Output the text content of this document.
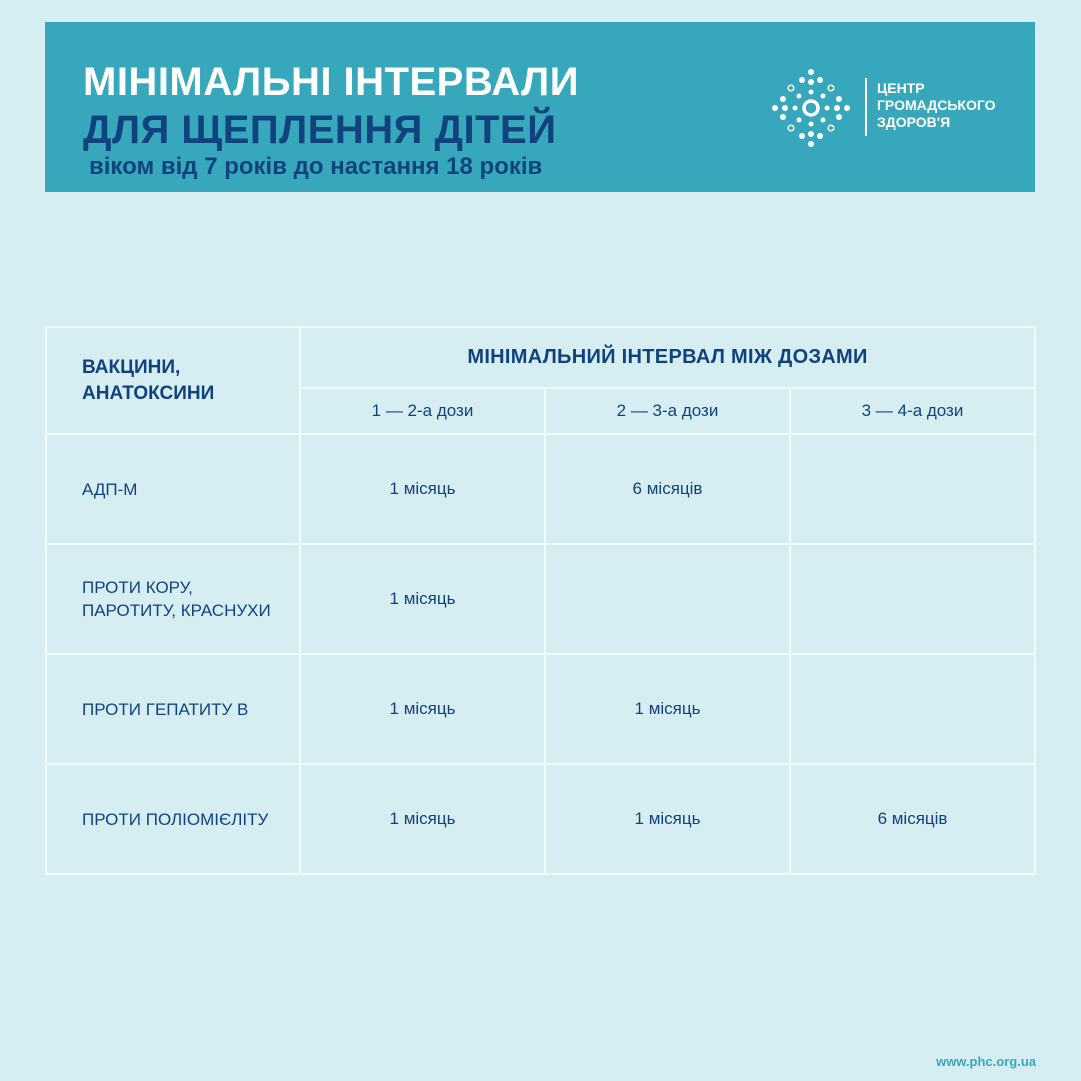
МІНІМАЛЬНІ ІНТЕРВАЛИ
ДЛЯ ЩЕПЛЕННЯ ДІТЕЙ

віком від 7 років до настання 18 років

ЦЕНТР
ГРОМАДСЬКОГО
ЗДОРОВ'Я
ВАКЦИНИ,
АНАТОКСИНИ	МІНІМАЛЬНИЙ ІНТЕРВАЛ МІЖ ДОЗАМИ		
	1 — 2-а дози	2 — 3-а дози	3 — 4-а дози

АДП-М	1 місяць	6 місяців	

ПРОТИ КОРУ,
ПАРОТИТУ, КРАСНУХИ	1 місяць		

ПРОТИ ГЕПАТИТУ В	1 місяць	1 місяць	

ПРОТИ ПОЛІОМІЄЛІТУ	1 місяць	1 місяць	6 місяців
www.phc.org.ua
